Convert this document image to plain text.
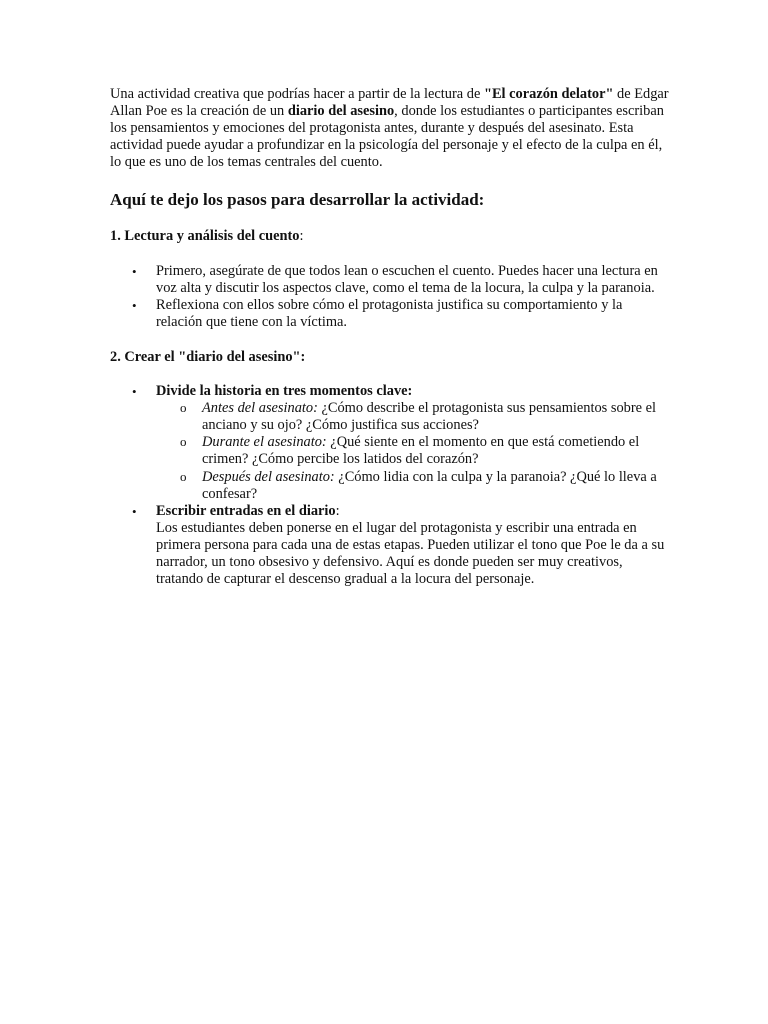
Una actividad creativa que podrías hacer a partir de la lectura de "El corazón delator" de Edgar Allan Poe es la creación de un diario del asesino, donde los estudiantes o participantes escriban los pensamientos y emociones del protagonista antes, durante y después del asesinato. Esta actividad puede ayudar a profundizar en la psicología del personaje y el efecto de la culpa en él, lo que es uno de los temas centrales del cuento.

Aquí te dejo los pasos para desarrollar la actividad:
1. Lectura y análisis del cuento:
• Primero, asegúrate de que todos lean o escuchen el cuento. Puedes hacer una lectura en voz alta y discutir los aspectos clave, como el tema de la locura, la culpa y la paranoia.
• Reflexiona con ellos sobre cómo el protagonista justifica su comportamiento y la relación que tiene con la víctima.
2. Crear el "diario del asesino":
• Divide la historia en tres momentos clave:
o Antes del asesinato: ¿Cómo describe el protagonista sus pensamientos sobre el anciano y su ojo? ¿Cómo justifica sus acciones?
o Durante el asesinato: ¿Qué siente en el momento en que está cometiendo el crimen? ¿Cómo percibe los latidos del corazón?
o Después del asesinato: ¿Cómo lidia con la culpa y la paranoia? ¿Qué lo lleva a confesar?
• Escribir entradas en el diario:
Los estudiantes deben ponerse en el lugar del protagonista y escribir una entrada en primera persona para cada una de estas etapas. Pueden utilizar el tono que Poe le da a su narrador, un tono obsesivo y defensivo. Aquí es donde pueden ser muy creativos, tratando de capturar el descenso gradual a la locura del personaje.
